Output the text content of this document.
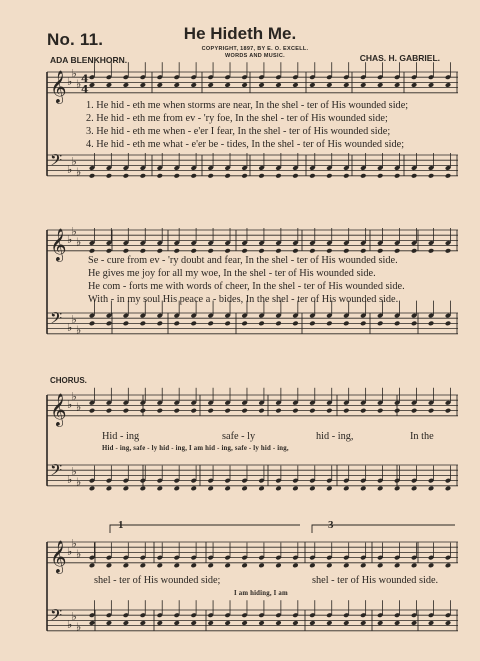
No. 11.	He Hideth Me.
COPYRIGHT, 1897, BY E. O. EXCELL.
WORDS AND MUSIC.
ADA BLENKHORN.	CHAS. H. GABRIEL.
𝄞
𝄢
♭
♭
♭
♭
♭
♭
4
4
𝄞
𝄢
♭
♭
♭
♭
♭
♭
𝄞
𝄢
♭
♭
♭
♭
♭
♭
𝄞
𝄢
♭
♭
♭
♭
♭
♭
1. He hid - eth me when storms are near, In the shel - ter of His wounded side;
2. He hid - eth me from ev - 'ry foe, In the shel - ter of His wounded side;
3. He hid - eth me when - e'er I fear, In the shel - ter of His wounded side;
4. He hid - eth me what - e'er be - tides, In the shel - ter of His wounded side;
Se - cure from ev - 'ry doubt and fear, In the shel - ter of His wounded side.
He gives me joy for all my woe, In the shel - ter of His wounded side.
He com - forts me with words of cheer, In the shel - ter of His wounded side.
With - in my soul His peace a - bides, In the shel - ter of His wounded side.
CHORUS.
Hid - ing	safe - ly	hid - ing,	In the
Hid - ing, safe - ly hid - ing, I am hid - ing, safe - ly hid - ing,
shel - ter of His wounded side;	shel - ter of His wounded side.
I am hiding, I am
1	3
